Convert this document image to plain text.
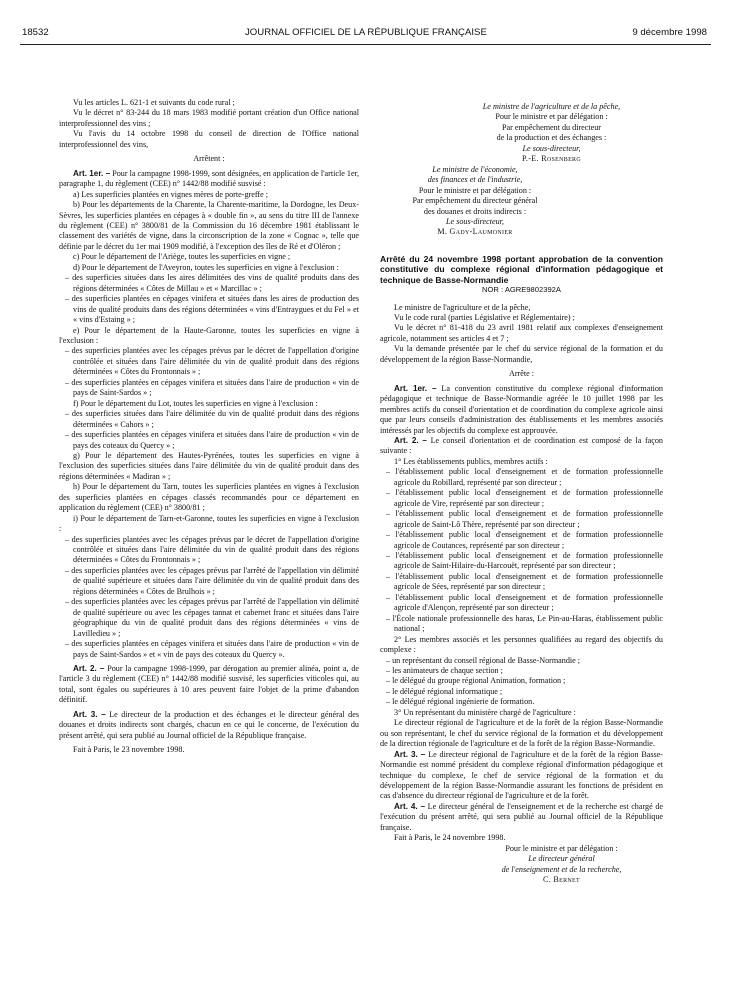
18532	JOURNAL OFFICIEL DE LA RÉPUBLIQUE FRANÇAISE	9 décembre 1998

Vu les articles L. 621-1 et suivants du code rural ;

Vu le décret n° 83-244 du 18 mars 1983 modifié portant création d'un Office national interprofessionnel des vins ;

Vu l'avis du 14 octobre 1998 du conseil de direction de l'Office national interprofessionnel des vins,

Arrêtent :

Art. 1er. – Pour la campagne 1998-1999, sont désignées, en application de l'article 1er, paragraphe 1, du règlement (CEE) n° 1442/88 modifié susvisé :

a) Les superficies plantées en vignes mères de porte-greffe ;

b) Pour les départements de la Charente, la Charente-maritime, la Dordogne, les Deux-Sèvres, les superficies plantées en cépages à « double fin », au sens du titre III de l'annexe du règlement (CEE) n° 3800/81 de la Commission du 16 décembre 1981 établissant le classement des variétés de vigne, dans la circonscription de la zone « Cognac », telle que définie par le décret du 1er mai 1909 modifié, à l'exception des îles de Ré et d'Oléron ;

c) Pour le département de l'Ariège, toutes les superficies en vigne ;

d) Pour le département de l'Aveyron, toutes les superficies en vigne à l'exclusion :

– des superficies situées dans les aires délimitées des vins de qualité produits dans des régions déterminées « Côtes de Millau » et « Marcillac » ;

– des superficies plantées en cépages vinifera et situées dans les aires de production des vins de qualité produits dans des régions déterminées « vins d'Entraygues et du Fel » et « vins d'Estaing » ;

e) Pour le département de la Haute-Garonne, toutes les superficies en vigne à l'exclusion :

– des superficies plantées avec les cépages prévus par le décret de l'appellation d'origine contrôlée et situées dans l'aire délimitée du vin de qualité produit dans des régions déterminées « Côtes du Frontonnais » ;

– des superficies plantées en cépages vinifera et situées dans l'aire de production « vin de pays de Saint-Sardos » ;

f) Pour le département du Lot, toutes les superficies en vigne à l'exclusion :

– des superficies situées dans l'aire délimitée du vin de qualité produit dans des régions déterminées « Cahors » ;

– des superficies plantées en cépages vinifera et situées dans l'aire de production « vin de pays des coteaux du Quercy » ;

g) Pour le département des Hautes-Pyrénées, toutes les superficies en vigne à l'exclusion des superficies situées dans l'aire délimitée du vin de qualité produit dans des régions déterminées « Madiran » ;

h) Pour le département du Tarn, toutes les superficies plantées en vignes à l'exclusion des superficies plantées en cépages classés recommandés pour ce département en application du règlement (CEE) n° 3800/81 ;

i) Pour le département de Tarn-et-Garonne, toutes les superficies en vigne à l'exclusion :

– des superficies plantées avec les cépages prévus par le décret de l'appellation d'origine contrôlée et situées dans l'aire délimitée du vin de qualité produit dans des régions déterminées « Côtes du Frontonnais » ;

– des superficies plantées avec les cépages prévus par l'arrêté de l'appellation vin délimité de qualité supérieure et situées dans l'aire délimitée du vin de qualité produit dans des régions déterminées « Côtes de Brulhois » ;

– des superficies plantées avec les cépages prévus par l'arrêté de l'appellation vin délimité de qualité supérieure ou avec les cépages tannat et cabernet franc et situées dans l'aire géographique du vin de qualité produit dans des régions déterminées « vins de Lavilledieu » ;

– des superficies plantées en cépages vinifera et situées dans l'aire de production « vin de pays de Saint-Sardos » et « vin de pays des coteaux du Quercy ».

Art. 2. – Pour la campagne 1998-1999, par dérogation au premier alinéa, point a, de l'article 3 du règlement (CEE) n° 1442/88 modifié susvisé, les superficies viticoles qui, au total, sont égales ou supérieures à 10 ares peuvent faire l'objet de la prime d'abandon définitif.

Art. 3. – Le directeur de la production et des échanges et le directeur général des douanes et droits indirects sont chargés, chacun en ce qui le concerne, de l'exécution du présent arrêté, qui sera publié au Journal officiel de la République française.

Fait à Paris, le 23 novembre 1998.

Le ministre de l'agriculture et de la pêche,

Pour le ministre et par délégation :

Par empêchement du directeur

de la production et des échanges :

Le sous-directeur,

P.-E. Rosenberg

Le ministre de l'économie,

des finances et de l'industrie,

Pour le ministre et par délégation :

Par empêchement du directeur général

des douanes et droits indirects :

Le sous-directeur,

M. Gady-Laumonier

Arrêté du 24 novembre 1998 portant approbation de la convention constitutive du complexe régional d'information pédagogique et technique de Basse-Normandie

NOR : AGRE9802392A

Le ministre de l'agriculture et de la pêche,

Vu le code rural (parties Législative et Réglementaire) ;

Vu le décret n° 81-418 du 23 avril 1981 relatif aux complexes d'enseignement agricole, notamment ses articles 4 et 7 ;

Vu la demande présentée par le chef du service régional de la formation et du développement de la région Basse-Normandie,

Arrête :

Art. 1er. – La convention constitutive du complexe régional d'information pédagogique et technique de Basse-Normandie agréée le 10 juillet 1998 par les membres actifs du conseil d'orientation et de coordination du complexe agricole ainsi que par leurs conseils d'administration des établissements et les membres associés intéressés par les objectifs du complexe est approuvée.

Art. 2. – Le conseil d'orientation et de coordination est composé de la façon suivante :

1° Les établissements publics, membres actifs :

– l'établissement public local d'enseignement et de formation professionnelle agricole du Robillard, représenté par son directeur ;

– l'établissement public local d'enseignement et de formation professionnelle agricole de Vire, représenté par son directeur ;

– l'établissement public local d'enseignement et de formation professionnelle agricole de Saint-Lô Thère, représenté par son directeur ;

– l'établissement public local d'enseignement et de formation professionnelle agricole de Coutances, représenté par son directeur ;

– l'établissement public local d'enseignement et de formation professionnelle agricole de Saint-Hilaire-du-Harcouët, représenté par son directeur ;

– l'établissement public local d'enseignement et de formation professionnelle agricole de Sées, représenté par son directeur ;

– l'établissement public local d'enseignement et de formation professionnelle agricole d'Alençon, représenté par son directeur ;

– l'École nationale professionnelle des haras, Le Pin-au-Haras, établissement public national ;

2° Les membres associés et les personnes qualifiées au regard des objectifs du complexe :

– un représentant du conseil régional de Basse-Normandie ;

– les animateurs de chaque section ;

– le délégué du groupe régional Animation, formation ;

– le délégué régional informatique ;

– le délégué régional ingénierie de formation.

3° Un représentant du ministère chargé de l'agriculture :

Le directeur régional de l'agriculture et de la forêt de la région Basse-Normandie ou son représentant, le chef du service régional de la formation et du développement de la direction régionale de l'agriculture et de la forêt de la région Basse-Normandie.

Art. 3. – Le directeur régional de l'agriculture et de la forêt de la région Basse-Normandie est nommé président du complexe régional d'information pédagogique et technique du complexe, le chef de service régional de la formation et du développement de la région Basse-Normandie assurant les fonctions de président en cas d'absence du directeur régional de l'agriculture et de la forêt.

Art. 4. – Le directeur général de l'enseignement et de la recherche est chargé de l'exécution du présent arrêté, qui sera publié au Journal officiel de la République française.

Fait à Paris, le 24 novembre 1998.

Pour le ministre et par délégation :

Le directeur général

de l'enseignement et de la recherche,

C. Bernet
